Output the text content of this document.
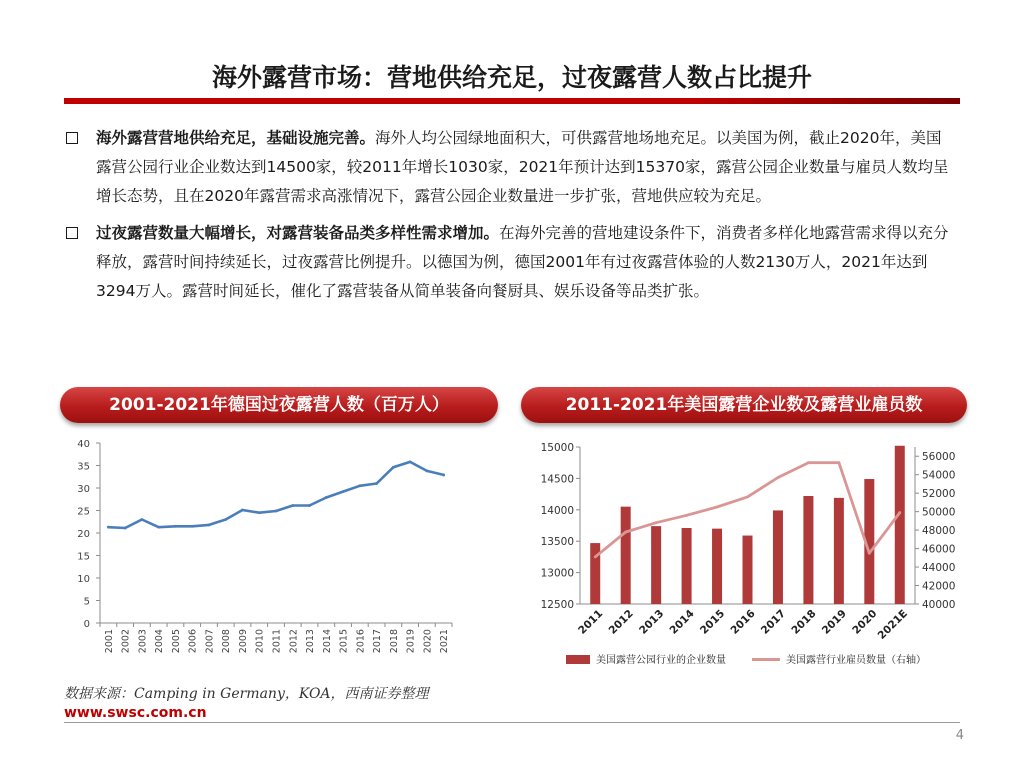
海外露营市场：营地供给充足，过夜露营人数占比提升
海外露营营地供给充足，基础设施完善。海外人均公园绿地面积大，可供露营地场地充足。以美国为例，截止2020年，美国露营公园行业企业数达到14500家，较2011年增长1030家，2021年预计达到15370家，露营公园企业数量与雇员人数均呈增长态势，且在2020年露营需求高涨情况下，露营公园企业数量进一步扩张，营地供应较为充足。
过夜露营数量大幅增长，对露营装备品类多样性需求增加。在海外完善的营地建设条件下，消费者多样化地露营需求得以充分释放，露营时间持续延长，过夜露营比例提升。以德国为例，德国2001年有过夜露营体验的人数2130万人，2021年达到3294万人。露营时间延长，催化了露营装备从简单装备向餐厨具、娱乐设备等品类扩张。
2001-2021年德国过夜露营人数（百万人）	2011-2021年美国露营企业数及露营业雇员数
0
5
10
15
20
25
30
35
40
2001 2002 2003 2004 2005 2006 2007 2008 2009 2010 2011 2012 2013 2014 2015 2016 2017 2018 2019 2020 2021
12500
13000
13500
14000
14500
15000
40000
42000
44000
46000
48000
50000
52000
54000
56000
2011 2012 2013 2014 2015 2016 2017 2018 2019 2020
2021E
美国露营公园行业的企业数量	美国露营行业雇员数量（右轴）
数据来源：Camping in Germany，KOA，西南证券整理
www.swsc.com.cn
4
